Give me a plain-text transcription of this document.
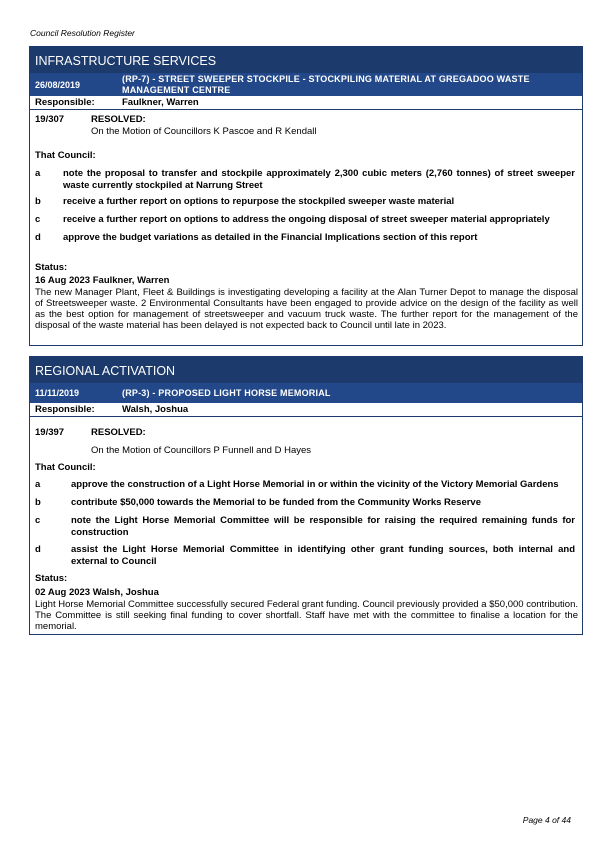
Council Resolution Register
INFRASTRUCTURE SERVICES
26/08/2019
(RP-7) - STREET SWEEPER STOCKPILE - STOCKPILING MATERIAL AT GREGADOO WASTE MANAGEMENT CENTRE
Responsible:	Faulkner, Warren
19/307	RESOLVED:
On the Motion of Councillors K Pascoe and R Kendall
That Council:
a note the proposal to transfer and stockpile approximately 2,300 cubic meters (2,760 tonnes) of street sweeper waste currently stockpiled at Narrung Street
b receive a further report on options to repurpose the stockpiled sweeper waste material
c receive a further report on options to address the ongoing disposal of street sweeper material appropriately
d approve the budget variations as detailed in the Financial Implications section of this report
Status:
16 Aug 2023 Faulkner, Warren
The new Manager Plant, Fleet & Buildings is investigating developing a facility at the Alan Turner Depot to manage the disposal of Streetsweeper waste. 2 Environmental Consultants have been engaged to provide advice on the design of the facility as well as the best option for management of streetsweeper and vacuum truck waste. The further report for the management of the disposal of the waste material has been delayed is not expected back to Council until late in 2023.
REGIONAL ACTIVATION
11/11/2019	(RP-3) - PROPOSED LIGHT HORSE MEMORIAL
Responsible:	Walsh, Joshua
19/397	RESOLVED:
On the Motion of Councillors P Funnell and D Hayes
That Council:
a	approve the construction of a Light Horse Memorial in or within the vicinity of the Victory Memorial Gardens
b	contribute $50,000 towards the Memorial to be funded from the Community Works Reserve
c	note the Light Horse Memorial Committee will be responsible for raising the required remaining funds for construction
d	assist the Light Horse Memorial Committee in identifying other grant funding sources, both internal and external to Council
Status:
02 Aug 2023 Walsh, Joshua
Light Horse Memorial Committee successfully secured Federal grant funding. Council previously provided a $50,000 contribution. The Committee is still seeking final funding to cover shortfall. Staff have met with the committee to finalise a location for the memorial.
Page 4 of 44
